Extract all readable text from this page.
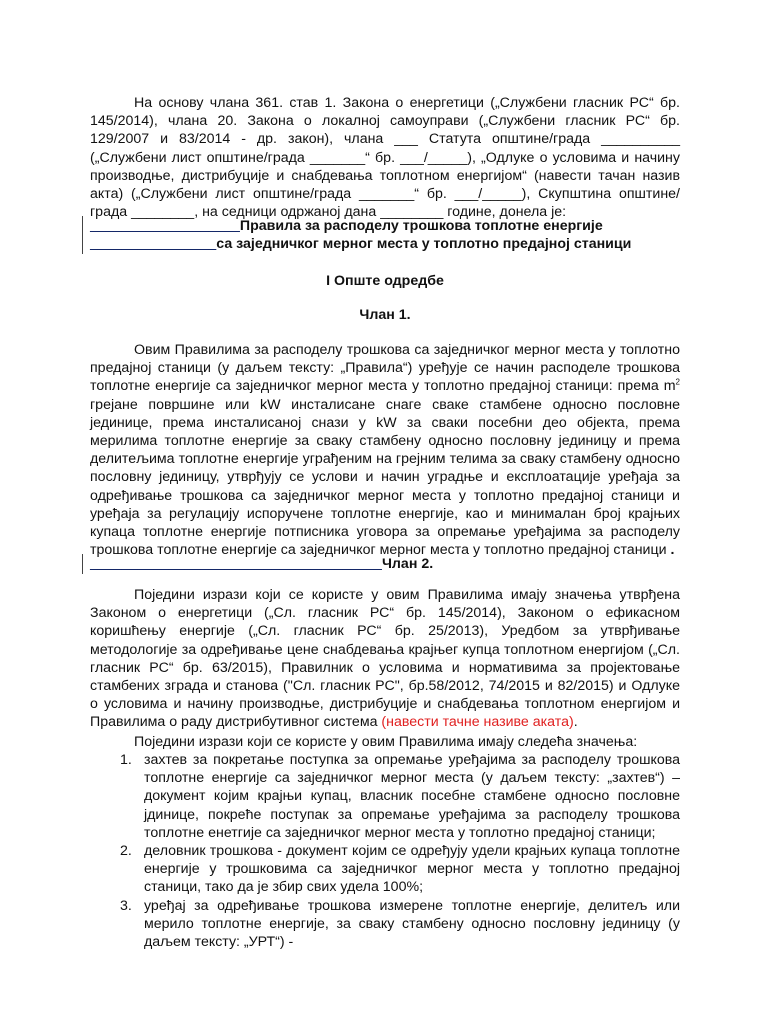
На основу члана 361. став 1. Закона о енергетици („Службени гласник РС“ бр. 145/2014), члана 20. Закона о локалној самоуправи („Службени гласник РС“ бр. 129/2007 и 83/2014 - др. закон), члана ___ Статута општине/града __________ („Службени лист општине/града _______“ бр. ___/_____), „Одлуке о условима и начину производње, дистрибуције и снабдевања топлотном енергијом“ (навести тачан назив акта) („Службени лист општине/града _______“ бр. ___/_____), Скупштина општине/града ________, на седници одржаној дана ________ године, донела је:

___________________Правила за расподелу трошкова топлотне енергије
________________са заједничког мерног места у топлотно предајној станици

I Опште одредбе

Члан 1.

Овим Правилима за расподелу трошкова са заједничког мерног места у топлотно предајној станици (у даљем тексту: „Правила“) уређује се начин расподеле трошкова топлотне енергије са заједничког мерног места у топлотно предајној станици: према $m^2$ грејане површине или kW инсталисане снаге сваке стамбене односно пословне јединице, према инсталисаној снази у kW за сваки посебни део објекта, према мерилима топлотне енергије за сваку стамбену односно пословну јединицу и према делитељима топлотне енергије уграђеним на грејним телима за сваку стамбену односно пословну јединицу, утврђују се услови и начин уградње и експлоатације уређаја за одређивање трошкова са заједничког мерног места у топлотно предајној станици и уређаја за регулацију испоручене топлотне енергије, као и минималан број крајњих купаца топлотне енергије потписника уговора за опремање уређајима за расподелу трошкова топлотне енергије са заједничког мерног места у топлотно предајној станици .

_____________________________________Члан 2.

Поједини изрази који се користе у овим Правилима имају значења утврђена Законом о енергетици („Сл. гласник РС“ бр. 145/2014), Законом о ефикасном коришћењу енергије („Сл. гласник РС“ бр. 25/2013), Уредбом за утврђивање методологије за одређивање цене снабдевања крајњег купца топлотном енергијом („Сл. гласник РС“ бр. 63/2015), Правилник о условима и нормативима за пројектовање стамбених зграда и станова ("Сл. гласник РС", бр.58/2012, 74/2015 и 82/2015) и Одлуке о условима и начину производње, дистрибуције и снабдевања топлотном енергијом и Правилима о раду дистрибутивног система (навести тачне називе аката).

Поједини изрази који се користе у овим Правилима имају следећа значења:

1. захтев за покретање поступка за опремање уређајима за расподелу трошкова топлотне енергије са заједничког мерног места (у даљем тексту: „захтев“) – документ којим крајњи купац, власник посебне стамбене односно пословне јдинице, покреће поступак за опремање уређајима за расподелу трошкова топлотне енетгије са заједничког мерног места у топлотно предајној станици;
2. деловник трошкова - документ којим се одређују удели крајњих купаца топлотне енергије у трошковима са заједничког мерног места у топлотно предајној станици, тако да је збир свих удела 100%;
3. уређај за одређивање трошкова измерене топлотне енергије, делитељ или мерило топлотне енергије, за сваку стамбену односно пословну јединицу (у даљем тексту: „УРТ“) -
